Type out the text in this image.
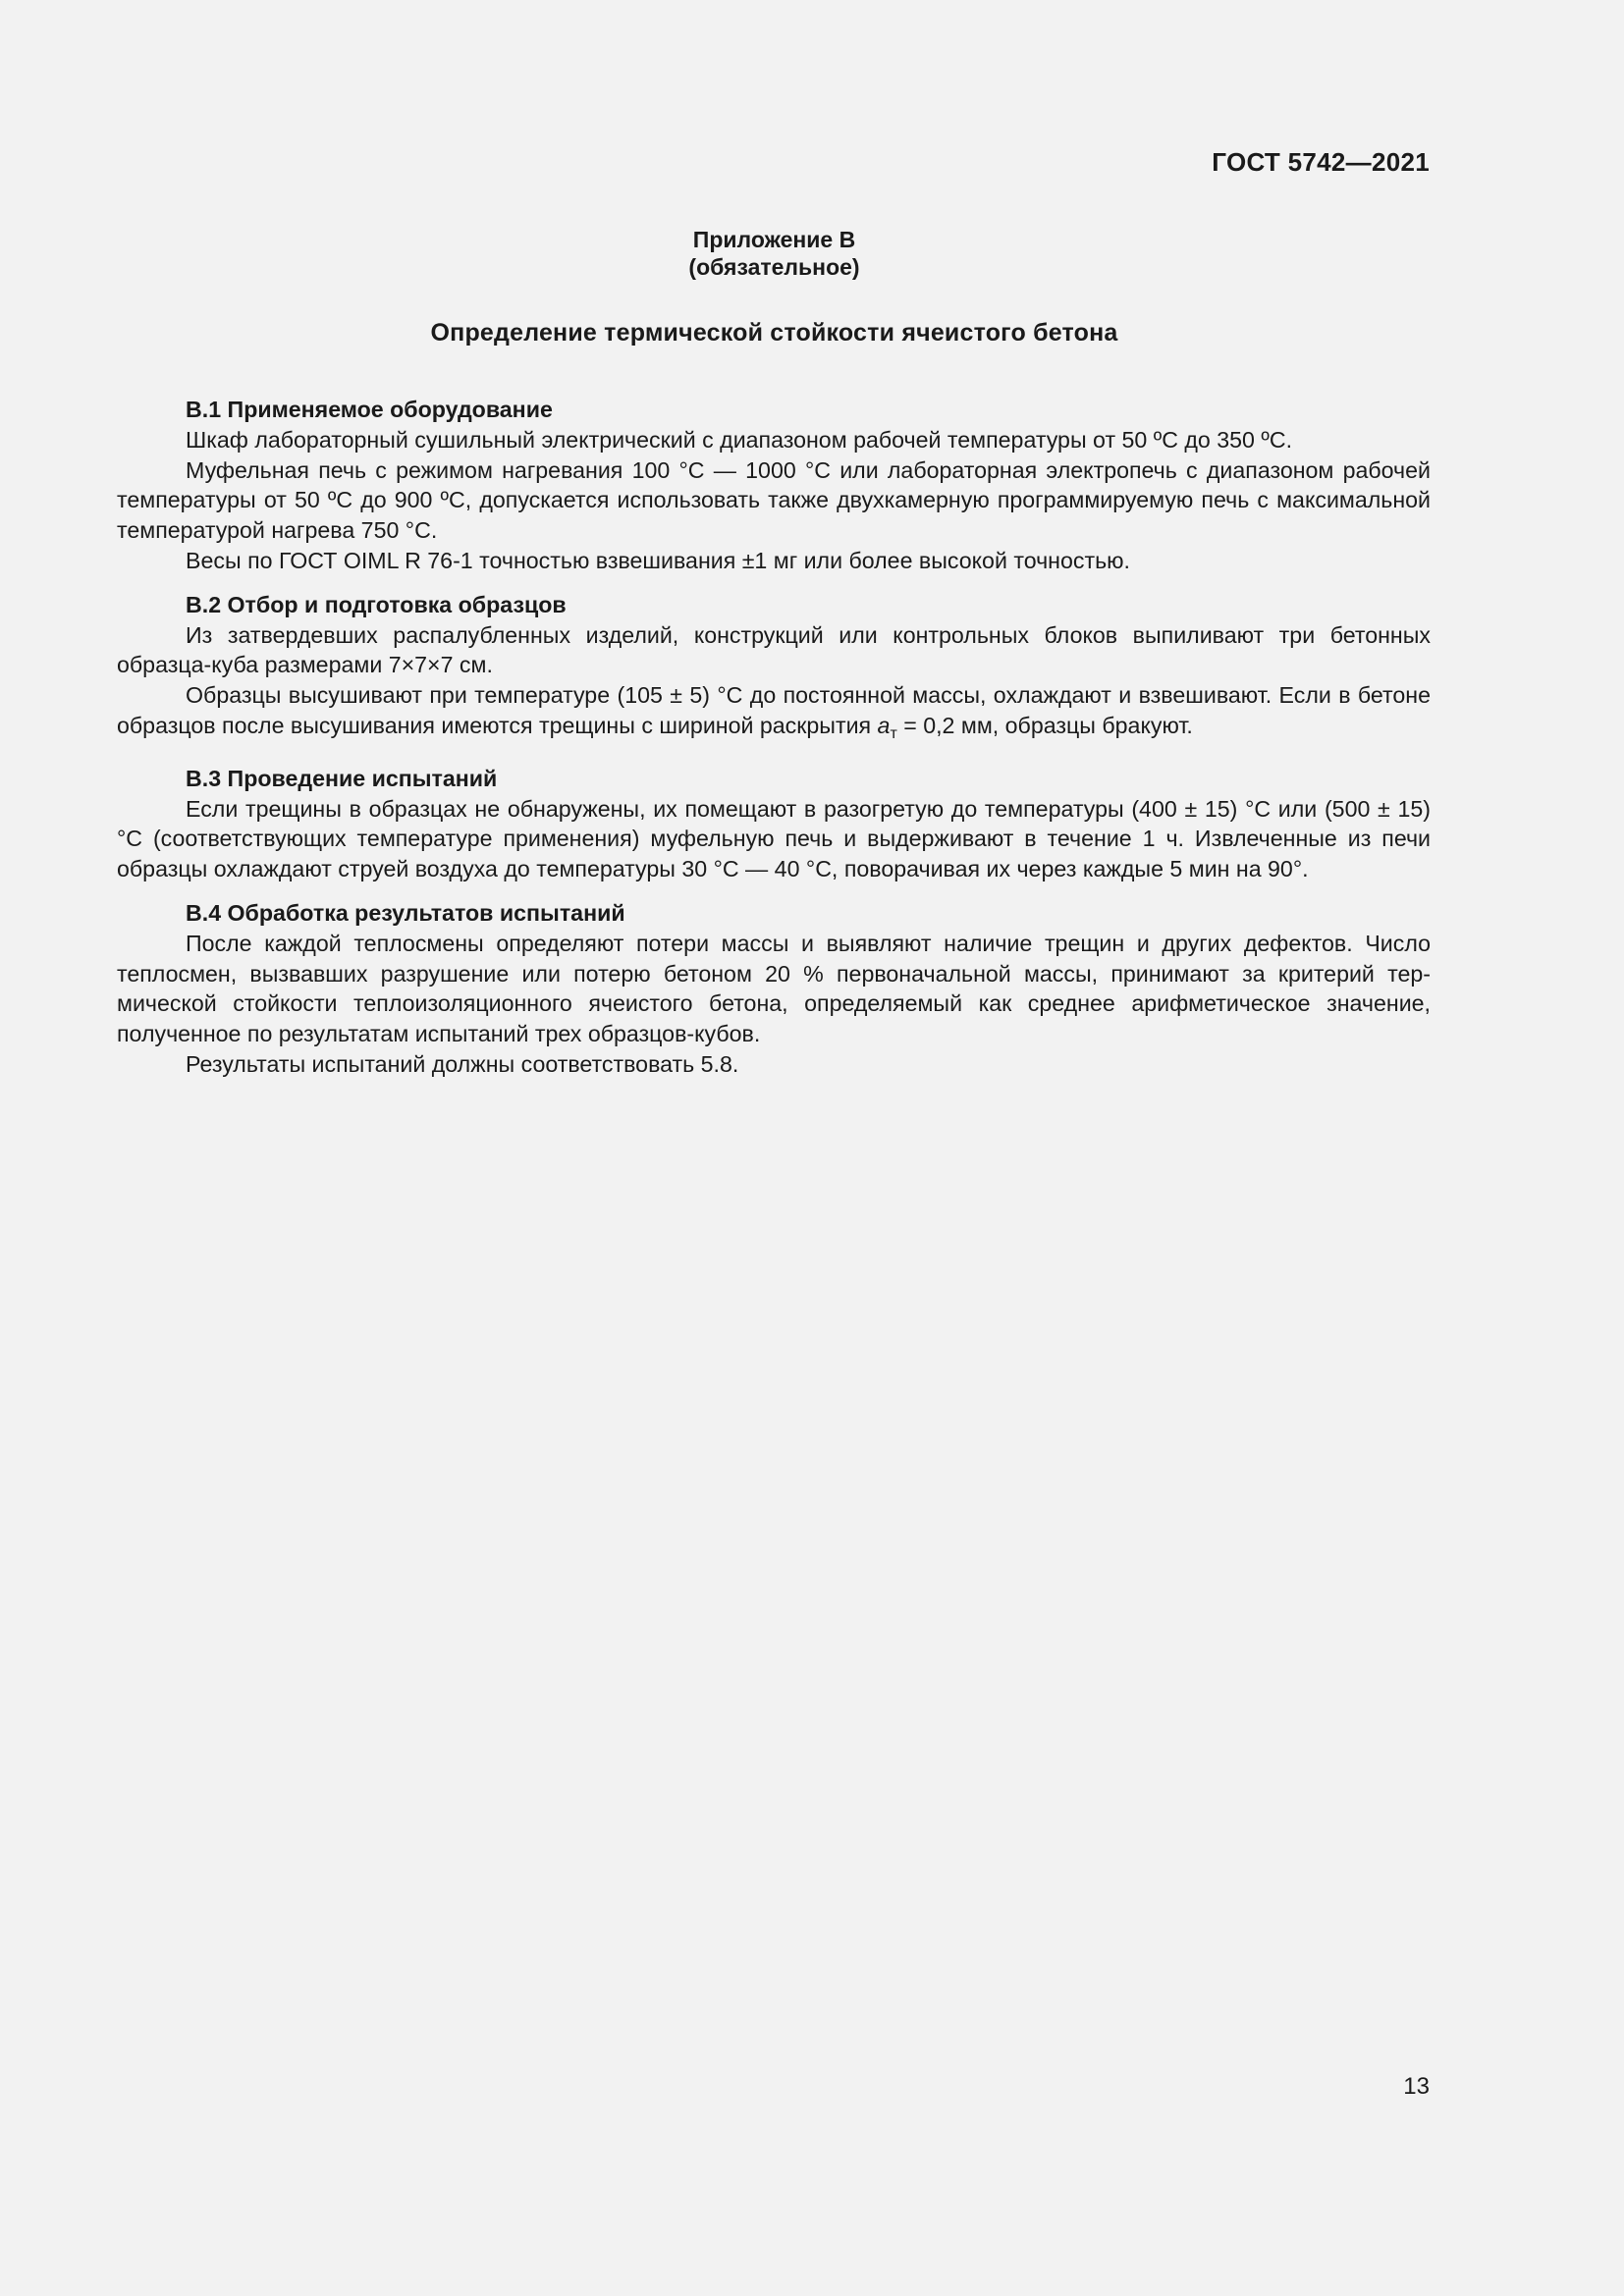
ГОСТ 5742—2021
Приложение В
(обязательное)
Определение термической стойкости ячеистого бетона
В.1 Применяемое оборудование

Шкаф лабораторный сушильный электрический с диапазоном рабочей температуры от 50 ºС до 350 ºС.

Муфельная печь с режимом нагревания 100 °С — 1000 °С или лабораторная электропечь с диапазоном рабочей температуры от 50 ºС до 900 ºС, допускается использовать также двухкамерную программируемую печь с максимальной температурой нагрева 750 °С.

Весы по ГОСТ OIML R 76-1 точностью взвешивания ±1 мг или более высокой точностью.

В.2 Отбор и подготовка образцов

Из затвердевших распалубленных изделий, конструкций или контрольных блоков выпиливают три бетонных образца-куба размерами 7×7×7 см.

Образцы высушивают при температуре (105 ± 5) °С до постоянной массы, охлаждают и взвешивают. Если в бетоне образцов после высушивания имеются трещины с шириной раскрытия $a_т = 0,2$ мм, образцы бракуют.

В.3 Проведение испытаний

Если трещины в образцах не обнаружены, их помещают в разогретую до температуры (400 ± 15) °С или (500 ± 15) °С (соответствующих температуре применения) муфельную печь и выдерживают в течение 1 ч. Извлеченные из печи образцы охлаждают струей воздуха до температуры 30 °С — 40 °С, поворачивая их через каждые 5 мин на 90°.

В.4 Обработка результатов испытаний

После каждой теплосмены определяют потери массы и выявляют наличие трещин и других дефектов. Число теплосмен, вызвавших разрушение или потерю бетоном 20 % первоначальной массы, принимают за критерий термической стойкости теплоизоляционного ячеистого бетона, определяемый как среднее арифметическое значение, полученное по результатам испытаний трех образцов-кубов.

Результаты испытаний должны соответствовать 5.8.

13
